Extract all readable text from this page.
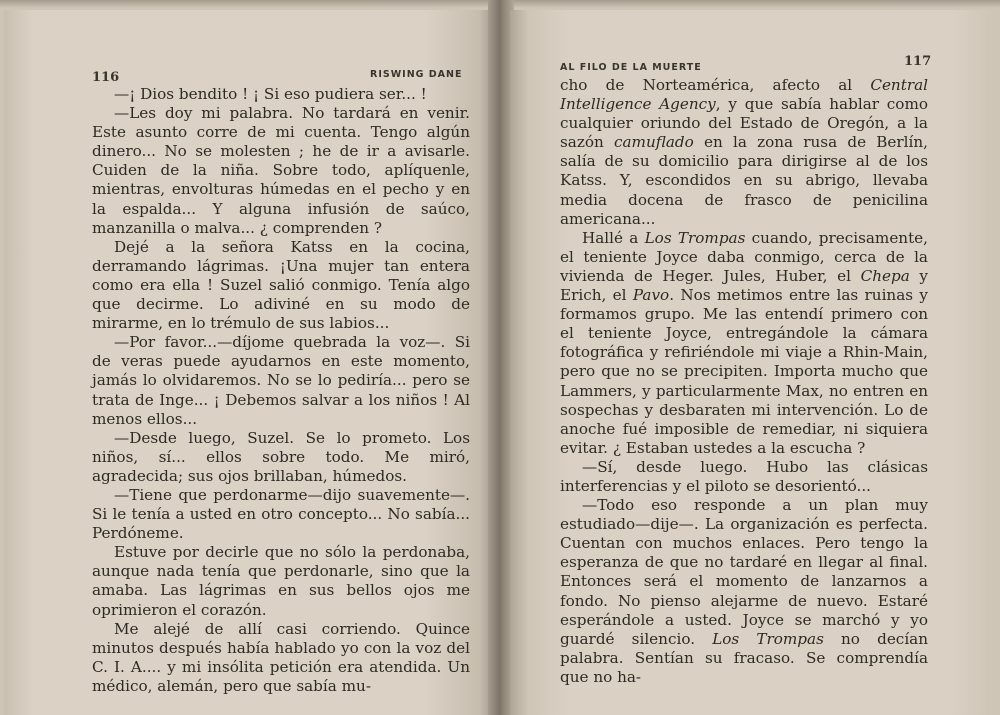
116	RISWING DANE

—¡ Dios bendito ! ¡ Si eso pudiera ser... !

—Les doy mi palabra. No tardará en venir. Este asunto corre de mi cuenta. Tengo algún dinero... No se molesten ; he de ir a avisarle. Cuiden de la niña. Sobre todo, aplíquenle, mientras, envolturas húmedas en el pecho y en la espalda... Y alguna infusión de saúco, manzanilla o malva... ¿ comprenden ?

Dejé a la señora Katss en la cocina, derramando lágrimas. ¡Una mujer tan entera como era ella ! Suzel salió conmigo. Tenía algo que decirme. Lo adiviné en su modo de mirarme, en lo trémulo de sus labios...

—Por favor...—díjome quebrada la voz—. Si de veras puede ayudarnos en este momento, jamás lo olvidaremos. No se lo pediría... pero se trata de Inge... ¡ Debemos salvar a los niños ! Al menos ellos...

—Desde luego, Suzel. Se lo prometo. Los niños, sí... ellos sobre todo. Me miró, agradecida; sus ojos brillaban, húmedos.

—Tiene que perdonarme—dijo suavemente—. Si le tenía a usted en otro concepto... No sabía... Perdóneme.

Estuve por decirle que no sólo la perdonaba, aunque nada tenía que perdonarle, sino que la amaba. Las lágrimas en sus bellos ojos me oprimieron el corazón.

Me alejé de allí casi corriendo. Quince minutos después había hablado yo con la voz del C. I. A.... y mi insólita petición era atendida. Un médico, alemán, pero que sabía mu-

AL FILO DE LA MUERTE	117

cho de Norteamérica, afecto al Central Intelligence Agency, y que sabía hablar como cualquier oriundo del Estado de Oregón, a la sazón camuflado en la zona rusa de Berlín, salía de su domicilio para dirigirse al de los Katss. Y, escondidos en su abrigo, llevaba media docena de frasco de penicilina americana...

Hallé a Los Trompas cuando, precisamente, el teniente Joyce daba conmigo, cerca de la vivienda de Heger. Jules, Huber, el Chepa y Erich, el Pavo. Nos metimos entre las ruinas y formamos grupo. Me las entendí primero con el teniente Joyce, entregándole la cámara fotográfica y refiriéndole mi viaje a Rhin-Main, pero que no se precipiten. Importa mucho que Lammers, y particularmente Max, no entren en sospechas y desbaraten mi intervención. Lo de anoche fué imposible de remediar, ni siquiera evitar. ¿ Estaban ustedes a la escucha ?

—Sí, desde luego. Hubo las clásicas interferencias y el piloto se desorientó...

—Todo eso responde a un plan muy estudiado—dije—. La organización es perfecta. Cuentan con muchos enlaces. Pero tengo la esperanza de que no tardaré en llegar al final. Entonces será el momento de lanzarnos a fondo. No pienso alejarme de nuevo. Estaré esperándole a usted. Joyce se marchó y yo guardé silencio. Los Trompas no decían palabra. Sentían su fracaso. Se comprendía que no ha-
